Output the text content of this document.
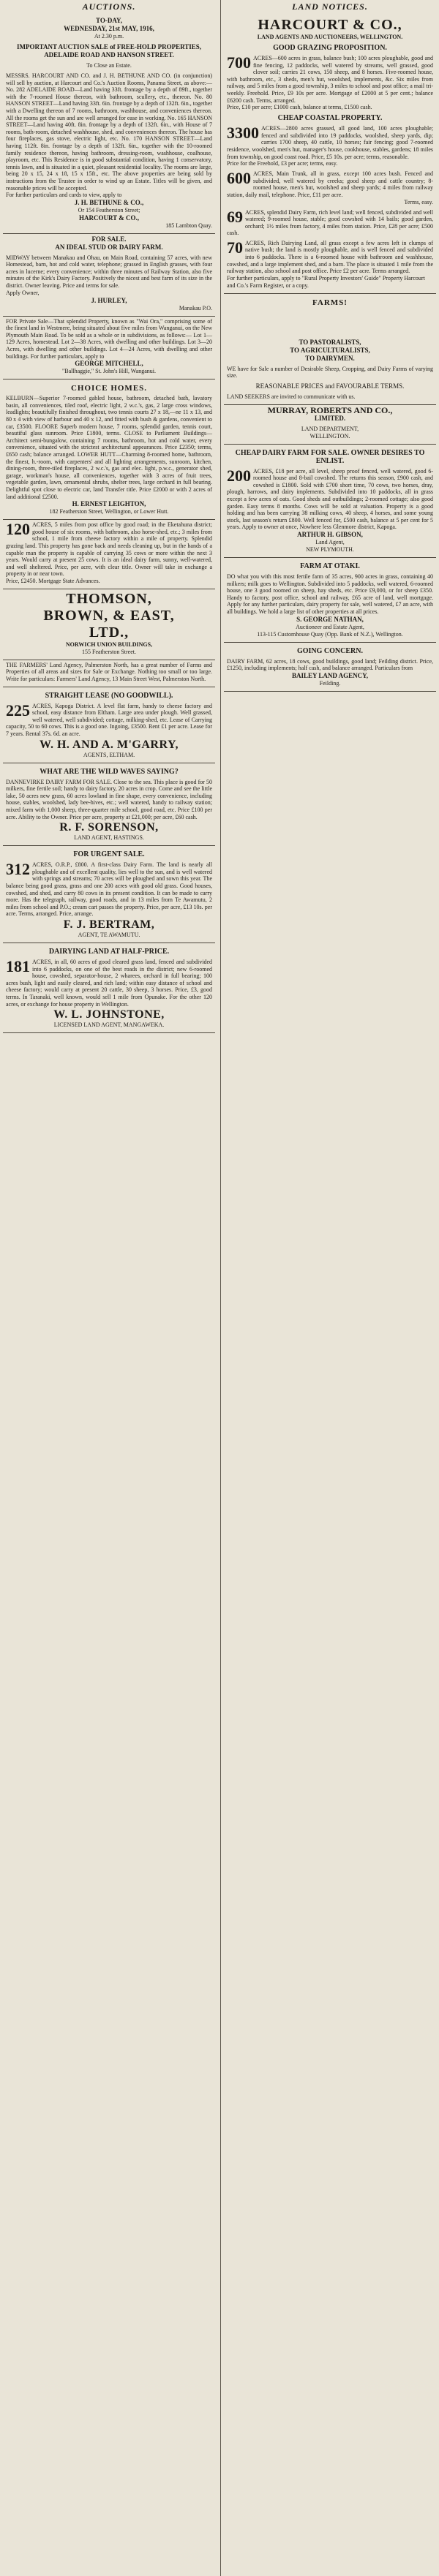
AUCTIONS.
TO-DAY,
WEDNESDAY, 21st MAY, 1916,
At 2.30 p.m.
IMPORTANT AUCTION SALE of FREE-HOLD PROPERTIES, ADELAIDE ROAD AND HANSON STREET.
To Close an Estate.

MESSRS. HARCOURT AND CO. and J. H. BETHUNE AND CO. (in conjunction) will sell by auction, at Harcourt and Co.'s Auction Rooms, Panama Street, as above:— No. 282 ADELAIDE ROAD—Land having 33ft. frontage by a depth of 89ft., together with the 7-roomed House thereon, with bathroom, scullery, etc., thereon. No. 80 HANSON STREET—Land having 33ft. 6in. frontage by a depth of 132ft. 6in., together with a Dwelling thereon of 7 rooms, bathroom, washhouse, and conveniences thereon. All the rooms get the sun and are well arranged for ease in working. No. 165 HANSON STREET—Land having 40ft. 8in. frontage by a depth of 132ft. 6in., with House of 7 rooms, bath-room, detached washhouse, shed, and conveniences thereon. The house has four fireplaces, gas stove, electric light, etc. No. 170 HANSON STREET—Land having 112ft. 8in. frontage by a depth of 132ft. 6in., together with the 10-roomed family residence thereon, having bathroom, dressing-room, washhouse, coalhouse, playroom, etc. This Residence is in good substantial condition, having 1 conservatory, tennis lawn, and is situated in a quiet, pleasant residential locality. The rooms are large, being 20 x 15, 24 x 18, 15 x 15ft., etc. The above properties are being sold by instructions from the Trustee in order to wind up an Estate. Titles will be given, and reasonable prices will be accepted.

For further particulars and cards to view, apply to

J. H. BETHUNE & CO.,
Or 154 Featherston Street;
HARCOURT & CO.,
185 Lambton Quay.
FOR SALE.
AN IDEAL STUD OR DAIRY FARM.

MIDWAY between Manakau and Ohau, on Main Road, containing 57 acres, with new Homestead, barn, hot and cold water, telephone; grassed in English grasses, with four acres in lucerne; every convenience; within three minutes of Railway Station, also five minutes of the Kirk's Dairy Factory. Positively the nicest and best farm of its size in the district. Owner leaving. Price and terms for sale.

Apply Owner,
J. HURLEY,
Manakau P.O.

FOR Private Sale—That splendid Property, known as "Wai Ora," comprising some of the finest land in Westmere, being situated about five miles from Wanganui, on the New Plymouth Main Road. To be sold as a whole or in subdivisions, as follows:— Lot 1—129 Acres, homestead. Lot 2—38 Acres, with dwelling and other buildings. Lot 3—20 Acres, with dwelling and other buildings. Lot 4—24 Acres, with dwelling and other buildings. For further particulars, apply to

GEORGE MITCHELL,
"Ballhaggie," St. John's Hill, Wanganui.
CHOICE HOMES.

KELBURN—Superior 7-roomed gabled house, bathroom, detached bath, lavatory basin, all conveniences, tiled roof, electric light, 2 w.c.'s, gas, 2 large cross windows, leadlights; beautifully finished throughout, two tennis courts 27 x 18,—ne 11 x 13, and 80 x 4 with view of harbour and 40 x 12, and fitted with bush & gardens, convenient to car, £3500. FLOORE Superb modern house, 7 rooms, splendid garden, tennis court, beautiful glass sunroom. Price £1800, terms. CLOSE to Parliament Buildings—Architect semi-bungalow, containing 7 rooms, bathroom, hot and cold water, every convenience, situated with the strictest architectural appearances. Price £2350; terms, £650 cash; balance arranged. LOWER HUTT—Charming 8-roomed home, bathroom, the finest, h.-room, with carpenters' and all lighting arrangements, sunroom, kitchen, dining-room, three-tiled fireplaces, 2 w.c.'s, gas and elec. light, p.w.c., generator shed, garage, workman's house, all conveniences, together with 3 acres of fruit trees, vegetable garden, lawn, ornamental shrubs, shelter trees, large orchard in full bearing. Delightful spot close to electric car, land Transfer title. Price £2000 or with 2 acres of land additional £2500.

H. ERNEST LEIGHTON,
182 Featherston Street, Wellington, or Lower Hutt.

120 ACRES, 5 miles from post office by good road; in the Eketahuna district; good house of six rooms, with bathroom, also horse-shed, etc.; 3 miles from school, 1 mile from cheese factory within a mile of property. Splendid grazing land. This property has gone back and needs cleaning up, but in the hands of a capable man the property is capable of carrying 35 cows or more within the next 3 years. Would carry at present 25 cows. It is an ideal dairy farm, sunny, well-watered, and well sheltered. Price, per acre, with clear title. Owner will take in exchange a property in or near town.

Price, £2450. Mortgage State Advances.
THOMSON,
BROWN, & EAST,
LTD.,
NORWICH UNION BUILDINGS,
155 Featherston Street.

THE FARMERS' Land Agency, Palmerston North, has a great number of Farms and Properties of all areas and sizes for Sale or Exchange. Nothing too small or too large. Write for particulars: Farmers' Land Agency, 13 Main Street West, Palmerston North.

STRAIGHT LEASE (NO GOODWILL).

225 ACRES, Kapoga District. A level flat farm, handy to cheese factory and school, easy distance from Eltham. Large area under plough. Well grassed, well watered, well subdivided; cottage, milking-shed, etc. Lease of Carrying capacity, 50 to 60 cows. This is a good one. Ingoing, £3500. Rent £1 per acre. Lease for 7 years. Rental 37s. 6d. an acre.

W. H. AND A. M'GARRY,
AGENTS, ELTHAM.
WHAT ARE THE WILD WAVES SAYING?

DANNEVIRKE DAIRY FARM FOR SALE. Close to the sea. This place is good for 50 milkers, fine fertile soil; handy to dairy factory, 20 acres in crop. Come and see the little lake, 50 acres new grass, 60 acres lowland in fine shape, every convenience, including house, stables, woolshed, lady bee-hives, etc.; well watered, handy to railway station; mixed farm with 1,000 sheep, three-quarter mile school, good road, etc. Price £100 per acre. Ability to the Owner. Price per acre, property at £21,000; per acre, £60 cash.

R. F. SORENSON,
LAND AGENT, HASTINGS.
FOR URGENT SALE.

312 ACRES, O.R.P., £800. A first-class Dairy Farm. The land is nearly all ploughable and of excellent quality, lies well to the sun, and is well watered with springs and streams; 70 acres will be ploughed and sown this year. The balance being good grass, grass and one 200 acres with good old grass. Good houses, cowshed, and shed, and carry 80 cows in its present condition. It can be made to carry more. Has the telegraph, railway, good roads, and in 13 miles from Te Awamutu, 2 miles from school and P.O.; cream cart passes the property. Price, per acre, £13 10s. per acre. Terms, arranged. Price, arrange.

F. J. BERTRAM,
AGENT, TE AWAMUTU.
DAIRYING LAND AT HALF-PRICE.

181 ACRES, in all, 60 acres of good cleared grass land, fenced and subdivided into 6 paddocks, on one of the best roads in the district; new 6-roomed house, cowshed, separator-house, 2 wharees, orchard in full bearing; 100 acres bush, light and easily cleared, and rich land; within easy distance of school and cheese factory; would carry at present 20 cattle, 30 sheep, 3 horses. Price, £3, good terms. In Taranaki, well known, would sell 1 mile from Opunake. For the other 120 acres, or exchange for house property in Wellington.

W. L. JOHNSTONE,
LICENSED LAND AGENT, MANGAWEKA.
LAND NOTICES.
HARCOURT & CO.,
LAND AGENTS AND AUCTIONEERS, WELLINGTON.
GOOD GRAZING PROPOSITION.

700 ACRES—600 acres in grass, balance bush; 100 acres ploughable, good and fine fencing, 12 paddocks, well watered by streams, well grassed, good clover soil; carries 21 cows, 150 sheep, and 8 horses. Five-roomed house, with bathroom, etc., 3 sheds, men's hut, woolshed, implements, &c. Six miles from railway, and 5 miles from a good township, 3 miles to school and post office; a mail tri-weekly. Freehold. Price, £9 10s per acre. Mortgage of £2000 at 5 per cent.; balance £6200 cash. Terms, arranged.

Price, £10 per acre; £1000 cash, balance at terms, £1500 cash.
CHEAP COASTAL PROPERTY.

3300 ACRES—2800 acres grassed, all good land, 100 acres ploughable; fenced and subdivided into 19 paddocks, woolshed, sheep yards, dip; carries 1700 sheep, 40 cattle, 10 horses; fair fencing; good 7-roomed residence, woolshed, men's hut, manager's house, cookhouse, stables, gardens; 18 miles from township, on good coast road. Price, £5 10s. per acre; terms, reasonable.

Price for the Freehold, £3 per acre; terms, easy.

600 ACRES, Main Trunk, all in grass, except 100 acres bush. Fenced and subdivided, well watered by creeks; good sheep and cattle country; 8-roomed house, men's hut, woolshed and sheep yards; 4 miles from railway station, daily mail, telephone. Price, £11 per acre.

Terms, easy.

69 ACRES, splendid Dairy Farm, rich level land; well fenced, subdivided and well watered; 9-roomed house, stable; good cowshed with 14 bails; good garden, orchard; 1½ miles from factory, 4 miles from station. Price, £28 per acre; £500 cash.

70 ACRES, Rich Dairying Land, all grass except a few acres left in clumps of native bush; the land is mostly ploughable, and is well fenced and subdivided into 6 paddocks. There is a 6-roomed house with bathroom and washhouse, cowshed, and a large implement shed, and a barn. The place is situated 1 mile from the railway station, also school and post office. Price £2 per acre. Terms arranged.

For further particulars, apply to "Rural Property Investors' Guide" Property Harcourt and Co.'s Farm Register, or a copy.
FARMS!
TO PASTORALISTS,
TO AGRICULTURALISTS,
TO DAIRYMEN.

WE have for Sale a number of Desirable Sheep, Cropping, and Dairy Farms of varying size.

REASONABLE PRICES and FAVOURABLE TERMS.

LAND SEEKERS are invited to communicate with us.

MURRAY, ROBERTS AND CO.,
LIMITED.
LAND DEPARTMENT,
WELLINGTON.
CHEAP DAIRY FARM FOR SALE. OWNER DESIRES TO ENLIST.

200 ACRES, £18 per acre, all level, sheep proof fenced, well watered, good 6-roomed house and 8-bail cowshed. The returns this season, £900 cash, and cowshed is £1800. Sold with £700 short time, 70 cows, two horses, dray, plough, harrows, and dairy implements. Subdivided into 10 paddocks, all in grass except a few acres of oats. Good sheds and outbuildings; 2-roomed cottage; also good garden. Easy terms 8 months. Cows will be sold at valuation. Property is a good holding and has been carrying 38 milking cows, 40 sheep, 4 horses, and some young stock, last season's return £800. Well fenced for, £500 cash, balance at 5 per cent for 5 years. Apply to owner at once, Nowhere less Glenmore district, Kapoga.

ARTHUR H. GIBSON,
Land Agent,
NEW PLYMOUTH.
FARM AT OTAKI.

DO what you with this most fertile farm of 35 acres, 900 acres in grass, containing 40 milkers; milk goes to Wellington. Subdivided into 5 paddocks, well watered, 6-roomed house, one 3 good roomed on sheep, hay sheds, etc. Price £9,000, or for sheep £350. Handy to factory, post office, school and railway, £65 acre of land, well mortgage. Apply for any further particulars, dairy property for sale, well watered, £7 an acre, with all buildings. We hold a large list of other properties at all prices.

S. GEORGE NATHAN,
Auctioneer and Estate Agent,
113-115 Customhouse Quay (Opp. Bank of N.Z.), Wellington.
GOING CONCERN.

DAIRY FARM, 62 acres, 18 cows, good buildings, good land; Feilding district. Price, £1250, including implements; half cash, and balance arranged. Particulars from

BAILEY LAND AGENCY,
Feilding.
